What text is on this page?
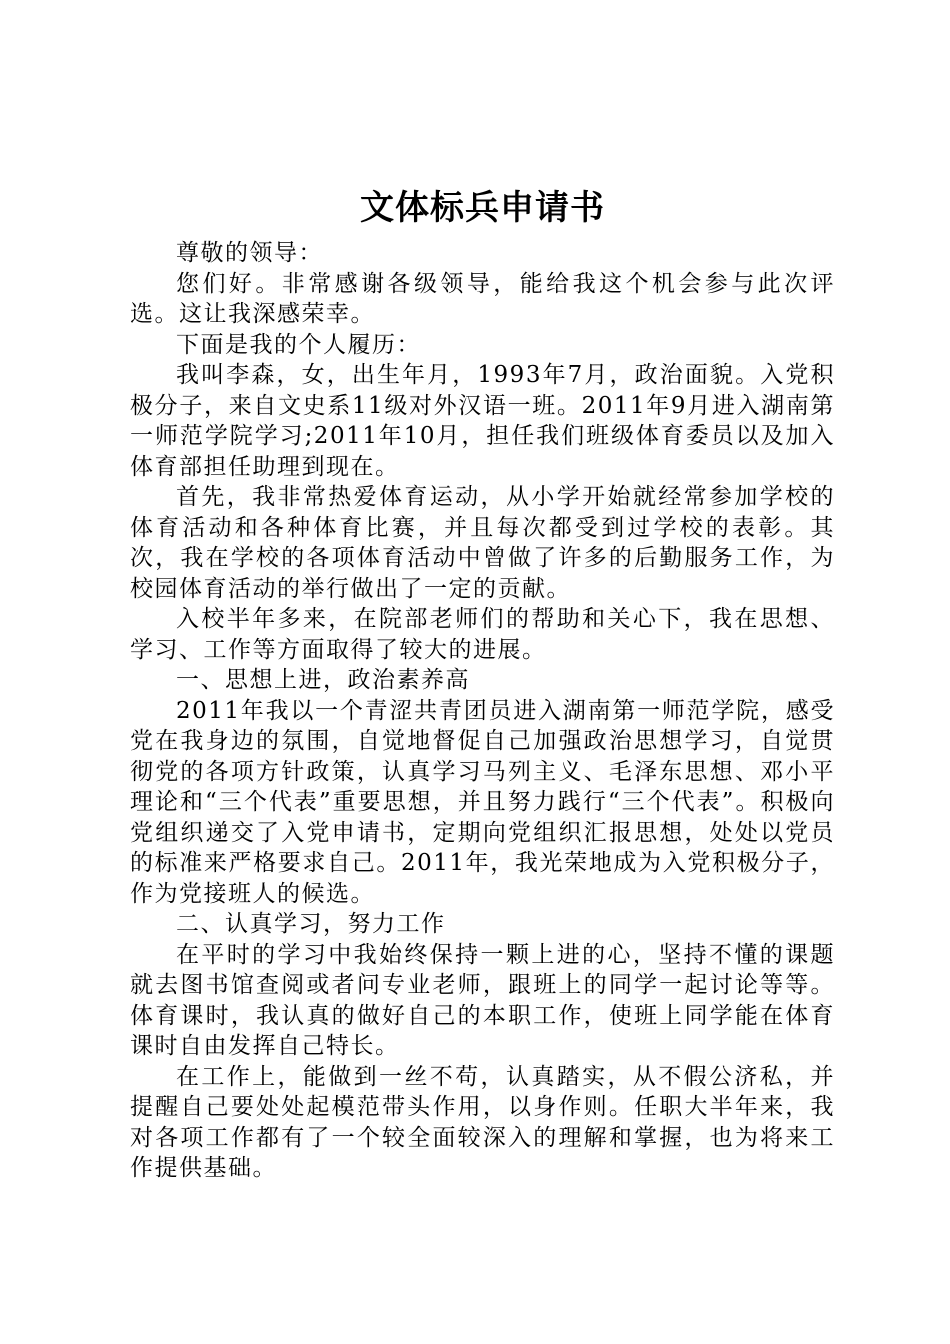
文体标兵申请书

尊敬的领导：

您们好。非常感谢各级领导，能给我这个机会参与此次评选。这让我深感荣幸。

下面是我的个人履历：

我叫李森，女，出生年月，1993年7月，政治面貌。入党积极分子，来自文史系11级对外汉语一班。2011年9月进入湖南第一师范学院学习;2011年10月，担任我们班级体育委员以及加入体育部担任助理到现在。

首先，我非常热爱体育运动，从小学开始就经常参加学校的体育活动和各种体育比赛，并且每次都受到过学校的表彰。其次，我在学校的各项体育活动中曾做了许多的后勤服务工作，为校园体育活动的举行做出了一定的贡献。

入校半年多来，在院部老师们的帮助和关心下，我在思想、学习、工作等方面取得了较大的进展。

一、思想上进，政治素养高

2011年我以一个青涩共青团员进入湖南第一师范学院，感受党在我身边的氛围，自觉地督促自己加强政治思想学习，自觉贯彻党的各项方针政策，认真学习马列主义、毛泽东思想、邓小平理论和“三个代表”重要思想，并且努力践行“三个代表”。积极向党组织递交了入党申请书，定期向党组织汇报思想，处处以党员的标准来严格要求自己。2011年，我光荣地成为入党积极分子，作为党接班人的候选。

二、认真学习，努力工作

在平时的学习中我始终保持一颗上进的心，坚持不懂的课题就去图书馆查阅或者问专业老师，跟班上的同学一起讨论等等。体育课时，我认真的做好自己的本职工作，使班上同学能在体育课时自由发挥自己特长。

在工作上，能做到一丝不苟，认真踏实，从不假公济私，并提醒自己要处处起模范带头作用，以身作则。任职大半年来，我对各项工作都有了一个较全面较深入的理解和掌握，也为将来工作提供基础。
